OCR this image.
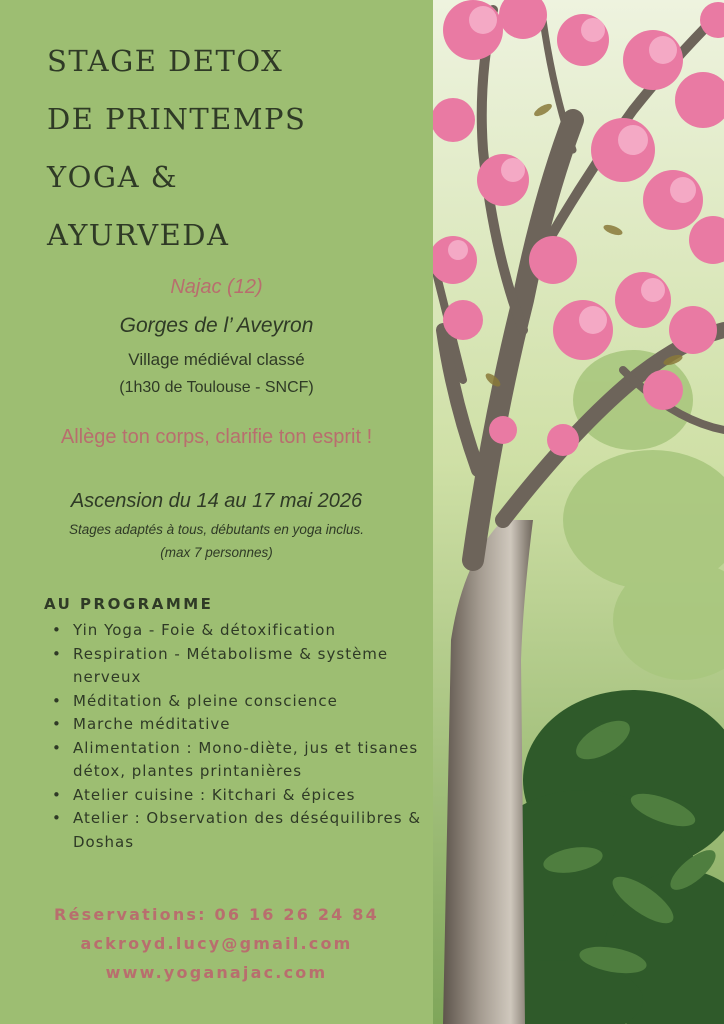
STAGE DETOX
DE PRINTEMPS
YOGA &
AYURVEDA
Najac (12)
Gorges de l’ Aveyron
Village médiéval classé
(1h30 de Toulouse - SNCF)
Allège ton corps, clarifie ton esprit !
Ascension du 14 au 17 mai 2026
Stages adaptés à tous, débutants en yoga inclus.
(max 7 personnes)
AU PROGRAMME
• Yin Yoga - Foie & détoxification
• Respiration - Métabolisme & système nerveux
• Méditation & pleine conscience
• Marche méditative
• Alimentation : Mono-diète, jus et tisanes détox, plantes printanières
• Atelier cuisine : Kitchari & épices
• Atelier : Observation des déséquilibres & Doshas
Réservations: 06 16 26 24 84
ackroyd.lucy@gmail.com
www.yoganajac.com
